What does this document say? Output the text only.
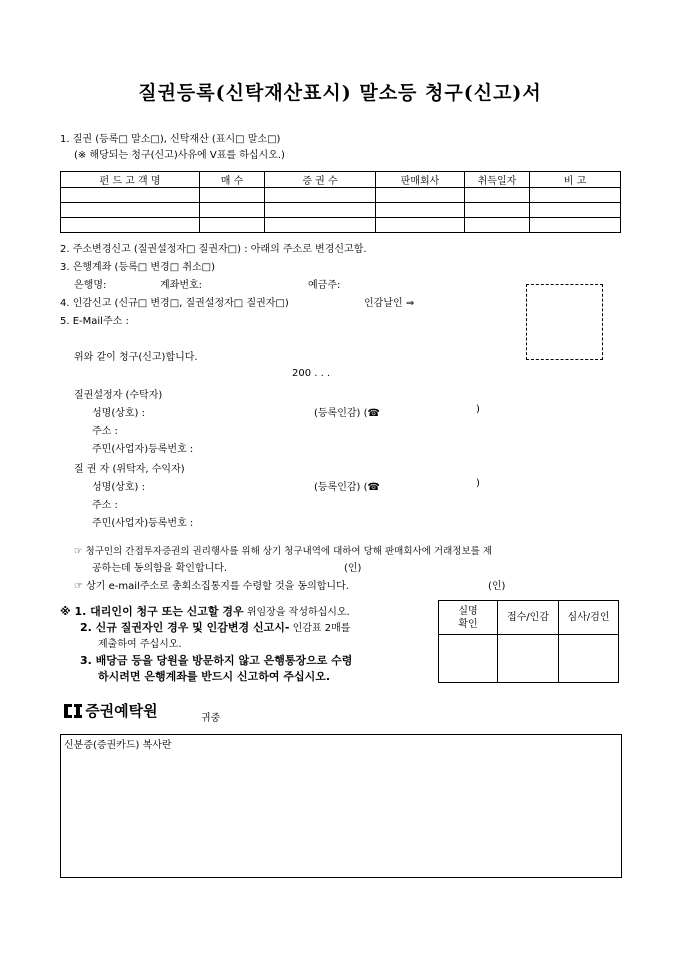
질권등록(신탁재산표시) 말소등 청구(신고)서
1. 질권 (등록□ 말소□), 신탁재산 (표시□ 말소□)
(※ 해당되는 청구(신고)사유에 V표를 하십시오.)
펀 드 고 객 명	매 수	증 권 수	판매회사	취득일자	비 고

2. 주소변경신고 (질권설정자□ 질권자□) : 아래의 주소로 변경신고함.
3. 은행계좌 (등록□ 변경□ 취소□)
은행명:	계좌번호:	예금주:
4. 인감신고 (신규□ 변경□, 질권설정자□ 질권자□)	인감날인 ⇒
5. E-Mail주소 :
위와 같이 청구(신고)합니다.
200 . . .
질권설정자 (수탁자)
성명(상호) :	(등록인감) (☎	)
주소 :
주민(사업자)등록번호 :
질 권 자 (위탁자, 수익자)
성명(상호) :	(등록인감) (☎	)
주소 :
주민(사업자)등록번호 :
☞ 청구인의 간접투자증권의 권리행사를 위해 상기 청구내역에 대하여 당해 판매회사에 거래정보를 제
공하는데 동의함을 확인합니다.	(인)
☞ 상기 e-mail주소로 총회소집통지를 수령할 것을 동의합니다.	(인)
※ 1. 대리인이 청구 또는 신고할 경우 위임장을 작성하십시오.
2. 신규 질권자인 경우 및 인감변경 신고시- 인감표 2매를
제출하여 주십시오.
3. 배당금 등을 당원을 방문하지 않고 은행통장으로 수령
하시려면 은행계좌를 반드시 신고하여 주십시오.
실명
확인	접수/인감	심사/검인

증권예탁원	귀중
신분증(증권카드) 복사란
